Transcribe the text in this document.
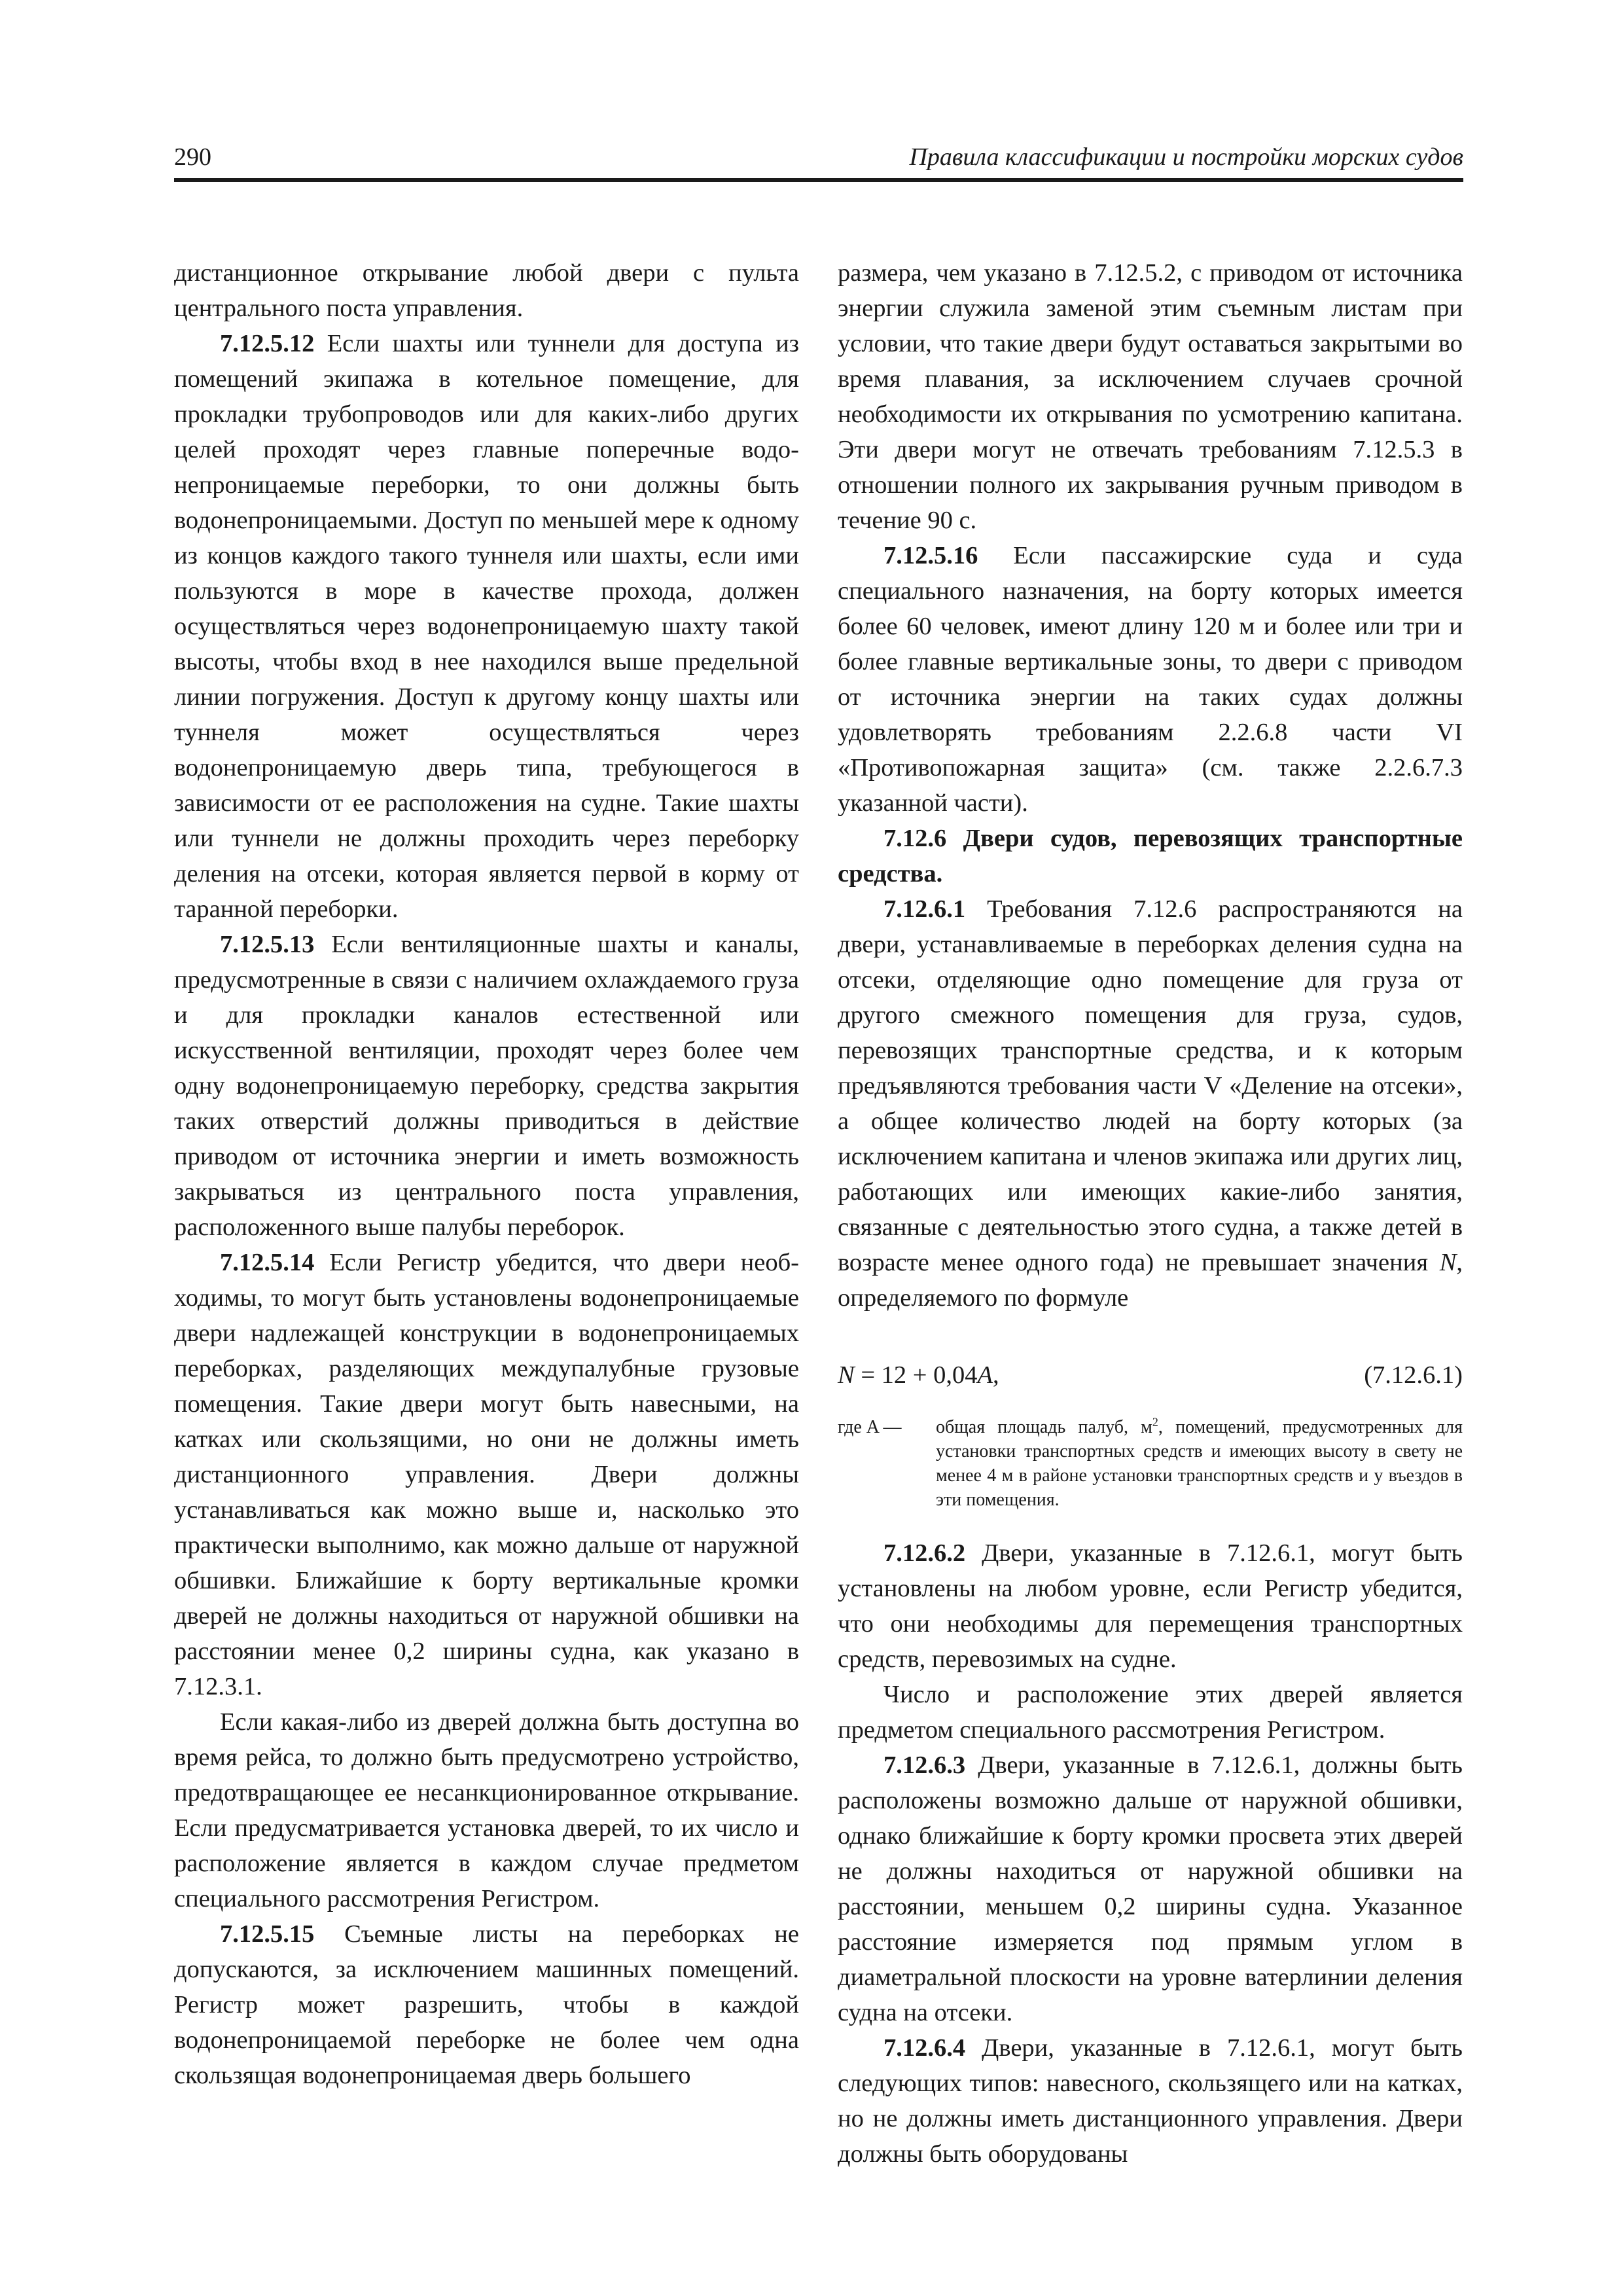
290	Правила классификации и постройки морских судов

дистанционное открывание любой двери с пульта центрального поста управления.

7.12.5.12 Если шахты или туннели для доступа из помещений экипажа в котельное помещение, для прокладки трубопроводов или для каких-либо других целей проходят через главные поперечные водонепроницаемые переборки, то они должны быть водонепроницаемыми. Доступ по меньшей мере к одному из концов каждого такого туннеля или шахты, если ими пользуются в море в качестве прохода, должен осуществляться через водонепроницаемую шахту такой высоты, чтобы вход в нее находился выше предельной линии погружения. Доступ к другому концу шахты или туннеля может осуществляться через водонепроницаемую дверь типа, требующегося в зависимости от ее расположения на судне. Такие шахты или туннели не должны проходить через переборку деления на отсеки, которая является первой в корму от таранной переборки.

7.12.5.13 Если вентиляционные шахты и каналы, предусмотренные в связи с наличием охлаждаемого груза и для прокладки каналов естественной или искусственной вентиляции, проходят через более чем одну водонепроницаемую переборку, средства закрытия таких отверстий должны приводиться в действие приводом от источника энергии и иметь возможность закрываться из центрального поста управления, расположенного выше палубы переборок.

7.12.5.14 Если Регистр убедится, что двери необходимы, то могут быть установлены водонепроницаемые двери надлежащей конструкции в водонепроницаемых переборках, разделяющих междупалубные грузовые помещения. Такие двери могут быть навесными, на катках или скользящими, но они не должны иметь дистанционного управления. Двери должны устанавливаться как можно выше и, насколько это практически выполнимо, как можно дальше от наружной обшивки. Ближайшие к борту вертикальные кромки дверей не должны находиться от наружной обшивки на расстоянии менее 0,2 ширины судна, как указано в 7.12.3.1.

Если какая-либо из дверей должна быть доступна во время рейса, то должно быть предусмотрено устройство, предотвращающее ее несанкционированное открывание. Если предусматривается установка дверей, то их число и расположение является в каждом случае предметом специального рассмотрения Регистром.

7.12.5.15 Съемные листы на переборках не допускаются, за исключением машинных помещений. Регистр может разрешить, чтобы в каждой водонепроницаемой переборке не более чем одна скользящая водонепроницаемая дверь большего

размера, чем указано в 7.12.5.2, с приводом от источника энергии служила заменой этим съемным листам при условии, что такие двери будут оставаться закрытыми во время плавания, за исключением случаев срочной необходимости их открывания по усмотрению капитана. Эти двери могут не отвечать требованиям 7.12.5.3 в отношении полного их закрывания ручным приводом в течение 90 с.

7.12.5.16 Если пассажирские суда и суда специального назначения, на борту которых имеется более 60 человек, имеют длину 120 м и более или три и более главные вертикальные зоны, то двери с приводом от источника энергии на таких судах должны удовлетворять требованиям 2.2.6.8 части VI «Противопожарная защита» (см. также 2.2.6.7.3 указанной части).

7.12.6 Двери судов, перевозящих транспортные средства.

7.12.6.1 Требования 7.12.6 распространяются на двери, устанавливаемые в переборках деления судна на отсеки, отделяющие одно помещение для груза от другого смежного помещения для груза, судов, перевозящих транспортные средства, и к которым предъявляются требования части V «Деление на отсеки», а общее количество людей на борту которых (за исключением капитана и членов экипажа или других лиц, работающих или имеющих какие-либо занятия, связанные с деятельностью этого судна, а также детей в возрасте менее одного года) не превышает значения N, определяемого по формуле

N = 12 + 0,04A,	(7.12.6.1)
где A — общая площадь палуб, $м^2$, помещений, предусмотренных для установки транспортных средств и имеющих высоту в свету не менее 4 м в районе установки транспортных средств и у въездов в эти помещения.

7.12.6.2 Двери, указанные в 7.12.6.1, могут быть установлены на любом уровне, если Регистр убедится, что они необходимы для перемещения транспортных средств, перевозимых на судне.

Число и расположение этих дверей является предметом специального рассмотрения Регистром.

7.12.6.3 Двери, указанные в 7.12.6.1, должны быть расположены возможно дальше от наружной обшивки, однако ближайшие к борту кромки просвета этих дверей не должны находиться от наружной обшивки на расстоянии, меньшем 0,2 ширины судна. Указанное расстояние измеряется под прямым углом в диаметральной плоскости на уровне ватерлинии деления судна на отсеки.

7.12.6.4 Двери, указанные в 7.12.6.1, могут быть следующих типов: навесного, скользящего или на катках, но не должны иметь дистанционного управления. Двери должны быть оборудованы
